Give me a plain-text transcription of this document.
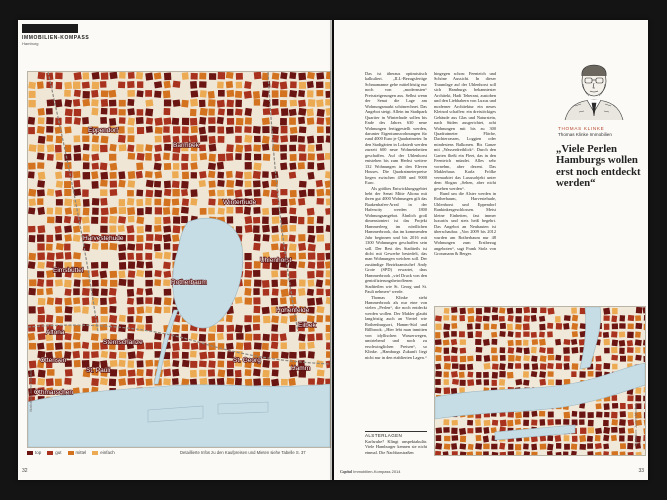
IMMOBILIEN-KOMPASS
Hamburg
Eppendorf
Barmbek
Winterhude
Harvestehude
Uhlenhorst
Eimsbüttel
Hohenfelde
Rotherbaum
Altona
Eilbek
Sternschanze
St. Pauli
St. Georg
Hamm
Ottensen
Othmarschen
Illustration: Jochen Monfort
top	gut	mittel	einfach	Detaillierte Infos zu den Kaufpreisen und Mieten siehe Tabelle S. 37
32

Das ist überaus optimistisch kalkuliert. „ILL-Bezugsfertige Schmamanne gehe mittelfristig nur noch von „modernsten“ Preissteigerungen aus. Selbst wenn der Senat die Lage am Wohnungsmarkt schönrechnet. Das Angebot steigt. Allein im Stadtpark Quartier in Winterhude sollen bis Ende des Jahres 630 neue Wohnungen fertiggestellt werden, darunter Eigentumswohnungen für rund 4000 Euro je Quadratmeter. In den Stadtgärten in Lokstedt werden zurzeit 600 neue Wohneinheiten geschaffen. Auf der Uhlenhorst entstehen bis zum Herbst weitere 132 Wohnungen in den Eleven Houses. Die Quadratmeterpreise liegen zwischen 4500 und 9000 Euro.

Als größtes Entwicklungsgebiet hebt der Senat Mitte Altona mit ihren gut 4000 Wohnungen gilt das Baakenhafen-Areal in der Hafencity werden 1800 Wohnungsangebot. Ähnlich groß dimensioniert ist das Projekt Hammerleeg im nördlichen Hammerbrook, das im kommenden Jahr beginnen und bis 2016 mit 1300 Wohnungen geschaffen sein soll. Der Rest des Stadtteils ist dicht mit Gewerbe besiedelt, das man Wohnungen weichen soll. Der zuständige Bezirksamtschef Andy Grote (SPD) erwartet, dass Hammerbrook „viel Druck von den gentrifizierungsbetroffenen Stadtteilen wie St. Georg und St. Pauli nehmen“ werde.

Thomas Klinke sieht Hammerbrook als nur eine von vielen „Perlen“, die noch entdeckt werden wollen. Der Makler glaubt langfristig auch an Viertel wie Rothenburgsort, Hamm-Süd und Billbrook. „Hier lebt man inmitten von idyllischen Wasserwegen, umtriebend und noch zu erschwinglichen Preisen“, so Klinke. „Hamburgs Zukunft liegt nicht nur in den etablierten Lagen.“

ALSTERLAGEN

Karlsruhe? Klingt unspektakulär. Viele Hamburger kennen sie nicht einmal. Die Nachbarstraßen

hingegen schon: Feenteich und Schöne Aussicht. In dieser Traumlage auf der Uhlenhorst soll sich Hamburgs bekanntester Architekt, Hadi Teherani, austoben und den Liebhabern von Luxus und moderner Architektur ein neues Kleinod schaffen: ein dreistöckiges Gebäude aus Glas und Naturstein, nach Süden ausgerichtet, acht Wohnungen mit bis zu 300 Quadratmeter Fläche, Dachterrassen, Loggien oder mindestens Balkonen. Bis Ganze mit „Wasserdreiblick“. Durch den Garten fließt ein Fleet, das in den Feenteich mündet. Alles sehr vornehm, aber dezent. Das Maklerhaus Karla Frölke vermarktet das Luxusobjekt unter dem Slogan „Sehen, aber nicht gesehen werden“.

Rund um die Alster werden in Rotherbaum, Harvestehude, Uhlenhorst und Eppendorf Rankinkesgeschlossen. Meist kleine Einheiten, fast immer luxuriös und stets heiß begehrt. Das Angebot an Neubauten ist überschaubar. „Von 2009 bis 2012 wurden am Rotherbaum nur 48 Wohnungen zum Erstbezug angeboten“, sagt Frank Stolz von Grossmann & Berger.

THOMAS KLINKE
Thomas Klinke Immobilien
„Viele Perlen Hamburgs wollen erst noch entdeckt werden“
Illustration: Jochen Monfort
Capital Immobilien-Kompass 2014	33
